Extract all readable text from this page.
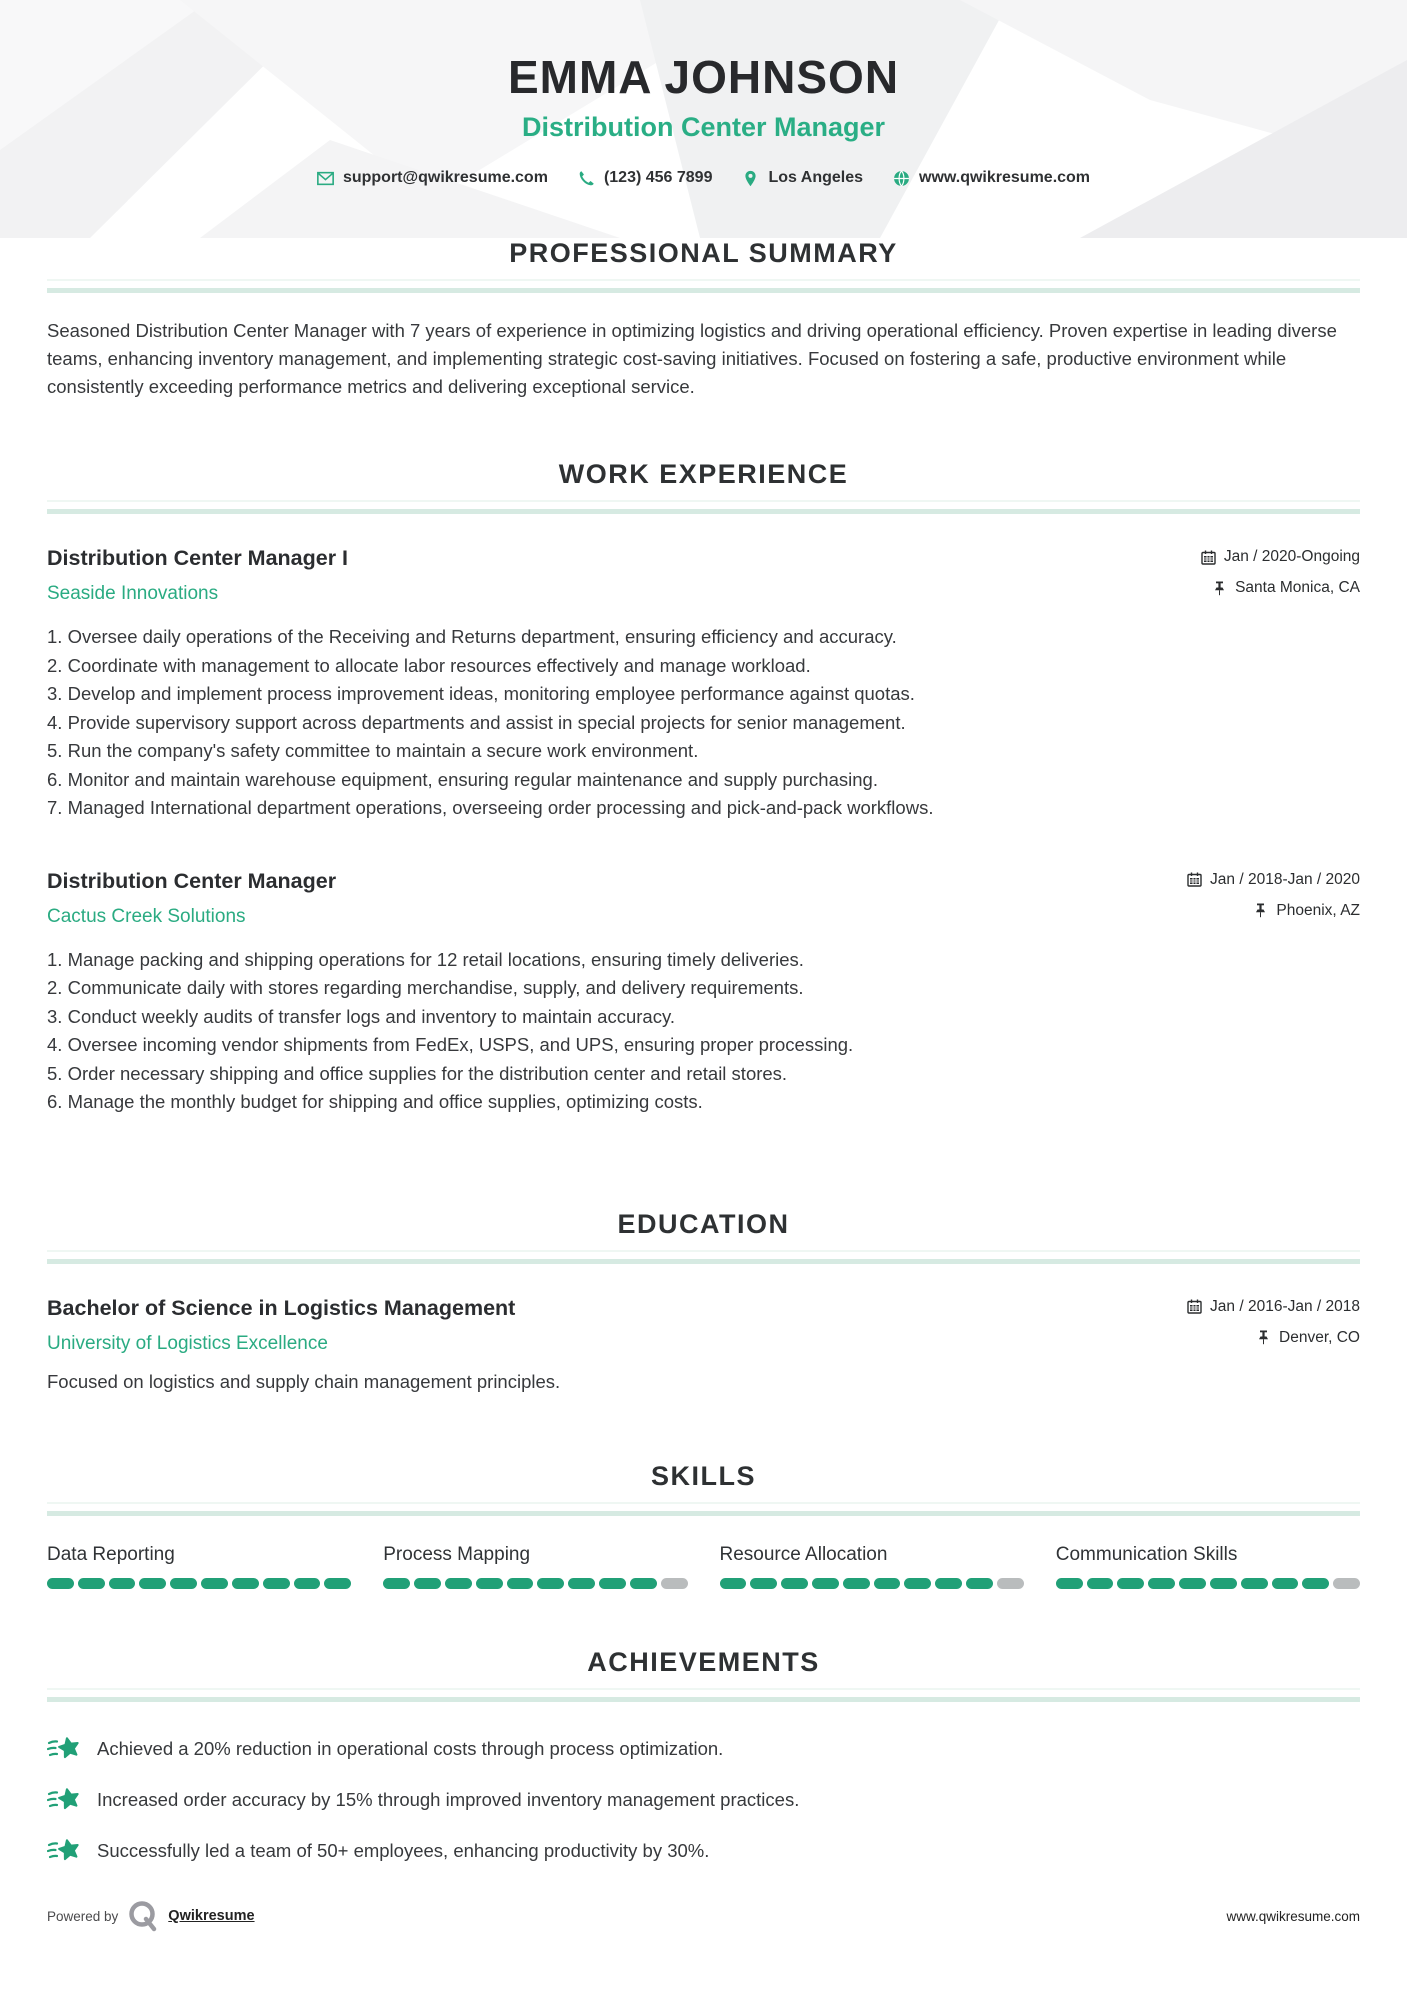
EMMA JOHNSON
Distribution Center Manager
support@qwikresume.com	(123) 456 7899	Los Angeles	www.qwikresume.com
PROFESSIONAL SUMMARY

Seasoned Distribution Center Manager with 7 years of experience in optimizing logistics and driving operational efficiency. Proven expertise in leading diverse teams, enhancing inventory management, and implementing strategic cost-saving initiatives. Focused on fostering a safe, productive environment while consistently exceeding performance metrics and delivering exceptional service.

WORK EXPERIENCE
Distribution Center Manager I
Seaside Innovations
Jan / 2020-Ongoing
Santa Monica, CA
Oversee daily operations of the Receiving and Returns department, ensuring efficiency and accuracy.
Coordinate with management to allocate labor resources effectively and manage workload.
Develop and implement process improvement ideas, monitoring employee performance against quotas.
Provide supervisory support across departments and assist in special projects for senior management.
Run the company's safety committee to maintain a secure work environment.
Monitor and maintain warehouse equipment, ensuring regular maintenance and supply purchasing.
Managed International department operations, overseeing order processing and pick-and-pack workflows.
Distribution Center Manager
Cactus Creek Solutions
Jan / 2018-Jan / 2020
Phoenix, AZ
Manage packing and shipping operations for 12 retail locations, ensuring timely deliveries.
Communicate daily with stores regarding merchandise, supply, and delivery requirements.
Conduct weekly audits of transfer logs and inventory to maintain accuracy.
Oversee incoming vendor shipments from FedEx, USPS, and UPS, ensuring proper processing.
Order necessary shipping and office supplies for the distribution center and retail stores.
Manage the monthly budget for shipping and office supplies, optimizing costs.
EDUCATION
Bachelor of Science in Logistics Management
University of Logistics Excellence
Jan / 2016-Jan / 2018
Denver, CO

Focused on logistics and supply chain management principles.

SKILLS
Data Reporting	Process Mapping	Resource Allocation	Communication Skills
ACHIEVEMENTS
Achieved a 20% reduction in operational costs through process optimization.
Increased order accuracy by 15% through improved inventory management practices.
Successfully led a team of 50+ employees, enhancing productivity by 30%.
Powered by	Qwikresume	www.qwikresume.com
